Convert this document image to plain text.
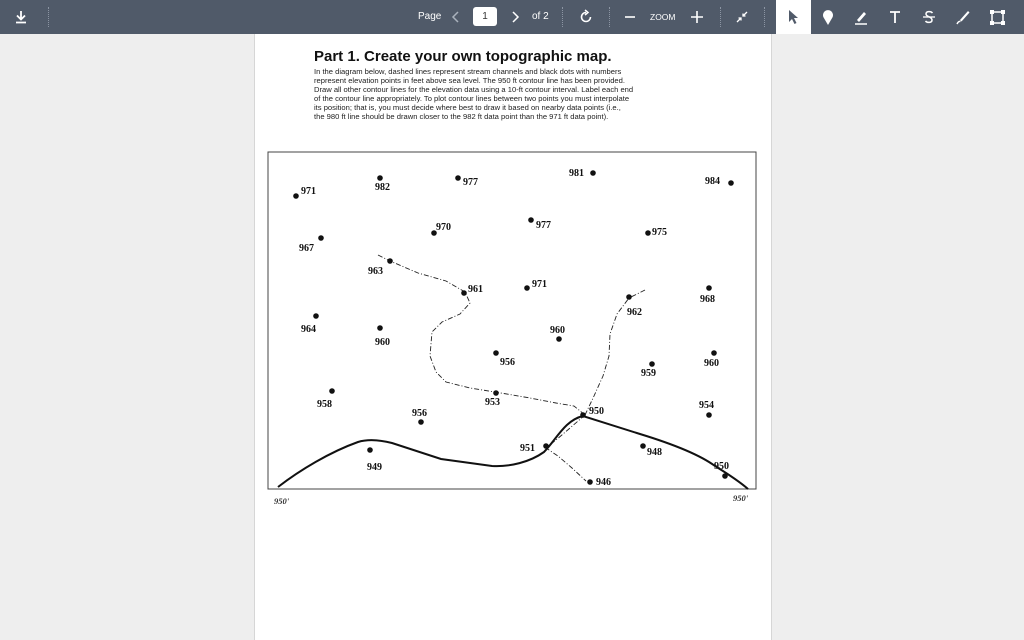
Page	1	of 2	ZOOM
Part 1. Create your own topographic map.
In the diagram below, dashed lines represent stream channels and black dots with numbers
represent elevation points in feet above sea level. The 950 ft contour line has been provided.
Draw all other contour lines for the elevation data using a 10-ft contour interval. Label each end
of the contour line appropriately. To plot contour lines between two points you must interpolate
its position; that is, you must decide where best to draw it based on nearby data points (i.e.,
the 980 ft line should be drawn closer to the 982 ft data point than the 971 ft data point).
971	982	977
981
984
970	977
975
967
963
961	971
968
962
964
960
960
956
959
960
958
956
953
950
954
951	948
949	950
946
950'	950'
